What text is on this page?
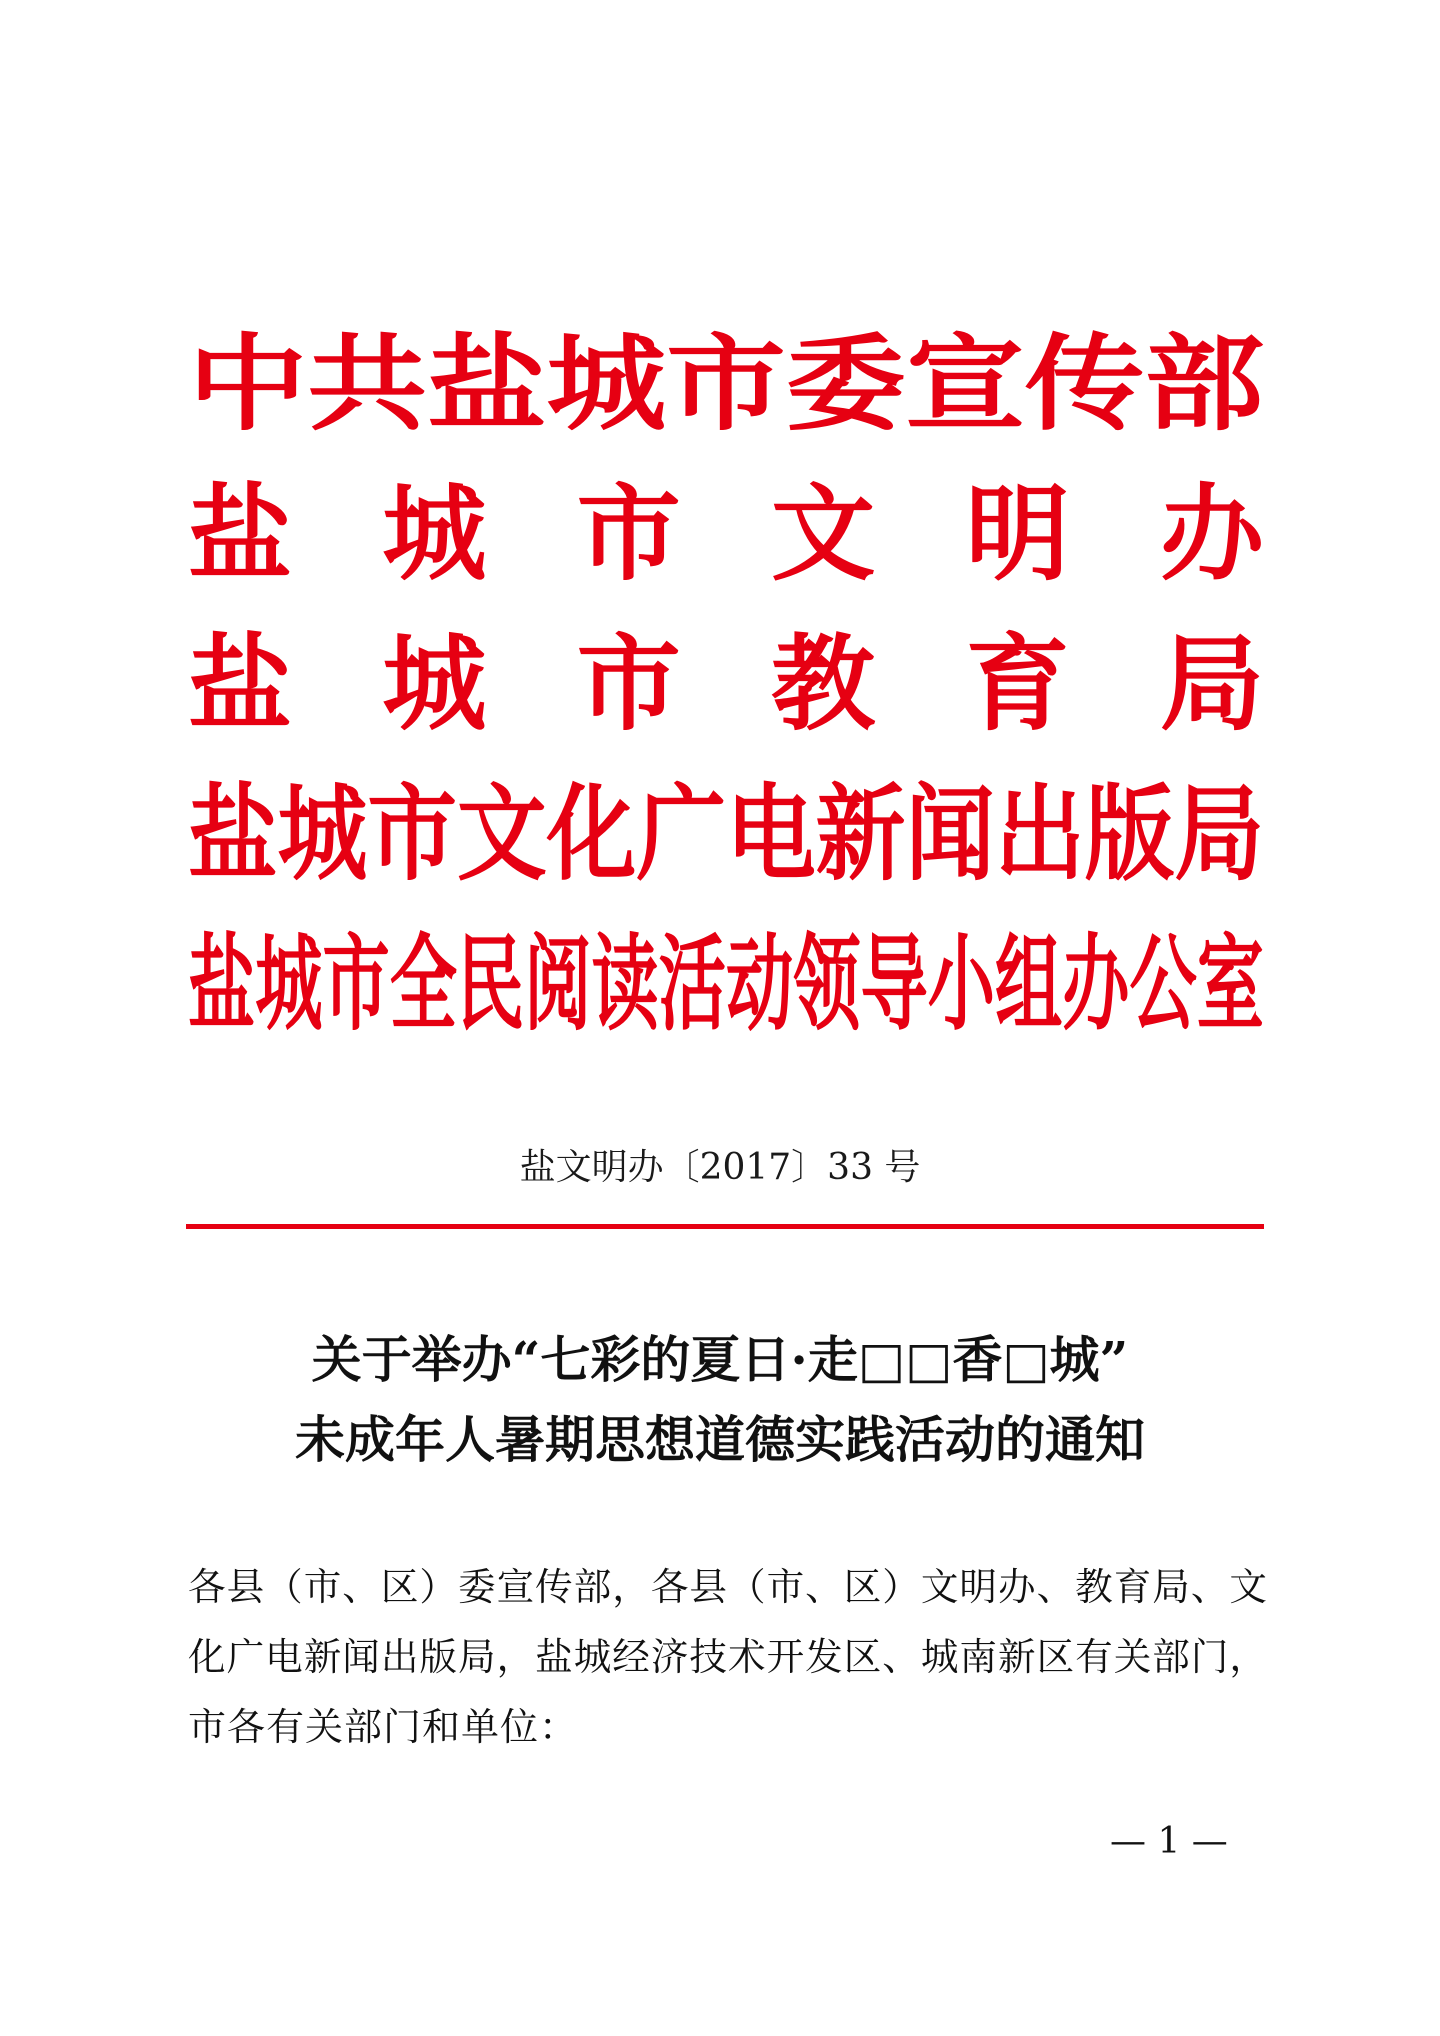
中共盐城市委宣传部
盐 城 市 文 明 办
盐 城 市 教 育 局
盐城市文化广电新闻出版局
盐城市全民阅读活动领导小组办公室
盐文明办〔2017〕33 号
关于举办“七彩的夏日·走□□香□城”
未成年人暑期思想道德实践活动的通知
各县（市、区）委宣传部，各县（市、区）文明办、教育局、文
化广电新闻出版局，盐城经济技术开发区、城南新区有关部门，
市各有关部门和单位：
— 1 —
